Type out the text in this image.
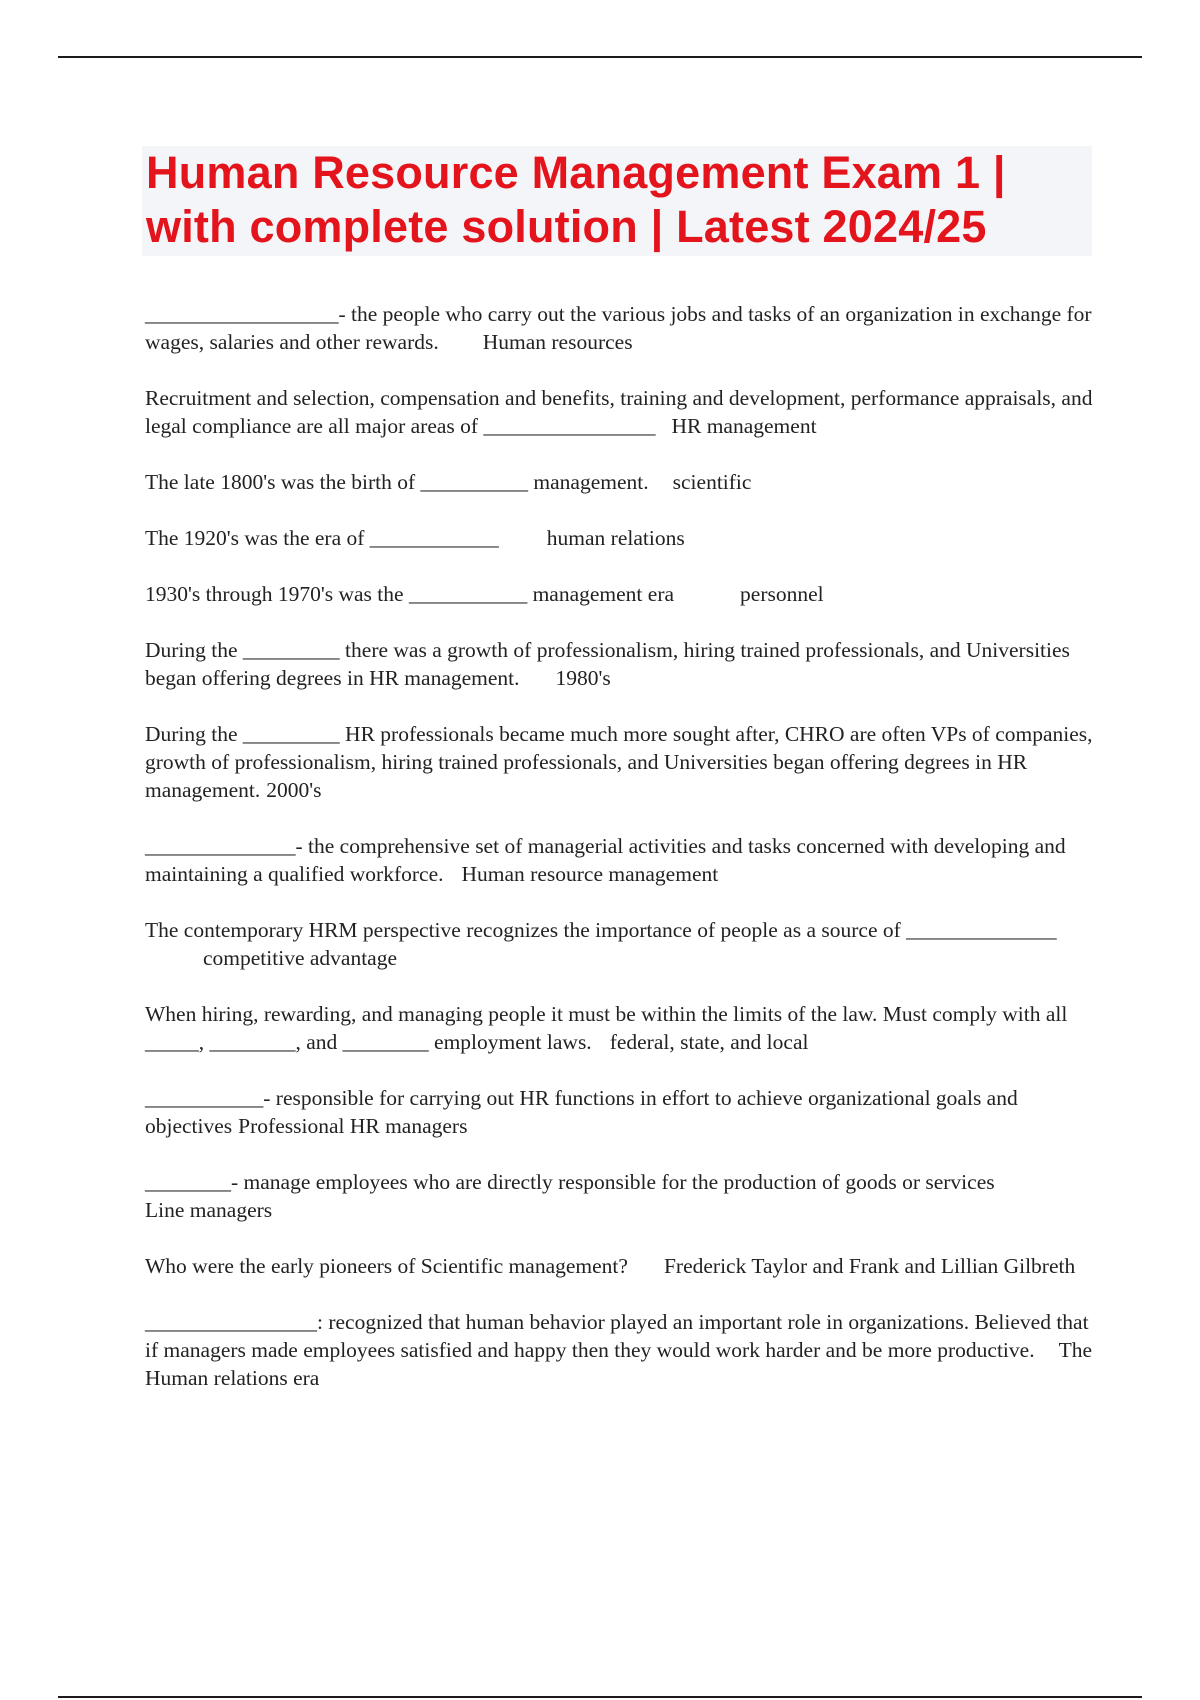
Human Resource Management Exam 1 | with complete solution | Latest 2024/25
__________________- the people who carry out the various jobs and tasks of an organization in exchange for wages, salaries and other rewards. Human resources
Recruitment and selection, compensation and benefits, training and development, performance appraisals, and legal compliance are all major areas of ________________ HR management
The late 1800's was the birth of __________ management. scientific
The 1920's was the era of ____________ human relations
1930's through 1970's was the ___________ management era	personnel
During the _________ there was a growth of professionalism, hiring trained professionals, and Universities began offering degrees in HR management. 1980's
During the _________ HR professionals became much more sought after, CHRO are often VPs of companies, growth of professionalism, hiring trained professionals, and Universities began offering degrees in HR management. 2000's
______________- the comprehensive set of managerial activities and tasks concerned with developing and maintaining a qualified workforce. Human resource management
The contemporary HRM perspective recognizes the importance of people as a source of ______________competitive advantage
When hiring, rewarding, and managing people it must be within the limits of the law. Must comply with all _____, ________, and ________ employment laws. federal, state, and local
___________- responsible for carrying out HR functions in effort to achieve organizational goals and objectives Professional HR managers
________- manage employees who are directly responsible for the production of goods or servicesLine managers
Who were the early pioneers of Scientific management? Frederick Taylor and Frank and Lillian Gilbreth
________________: recognized that human behavior played an important role in organizations. Believed that if managers made employees satisfied and happy then they would work harder and be more productive. The Human relations era
